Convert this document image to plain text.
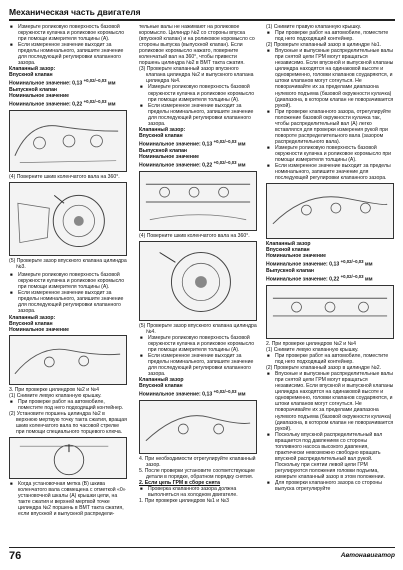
Механическая часть двигателя

■ Измерьте роликовую поверхность базовой окружности кулачка и роликовое коромысло при помощи измерителя толщины (А).

■ Если измеренное значение выходит за пределы номинального, запишите значение для последующей регулировки клапанного зазора.

Клапанный зазор:

Впускной клапан

Номинальное значение: 0,13 $^{+0,02/-0,03}$ мм

Выпускной клапан

Номинальное значение

Номинальное значение: 0,22 $^{+0,02/-0,03}$ мм

(4) Поверните шкив коленчатого вала на 360°.

(5) Проверьте зазор впускного клапана цилиндра №3.

■ Измерьте роликовую поверхность базовой окружности кулачка и роликовое коромысло при помощи измерителя толщины (А).

■ Если измеренное значение выходит за пределы номинального, запишите значение для последующей регулировки клапанного зазора.

Клапанный зазор:

Впускной клапан

Номинальное значение

3. При проверке цилиндров №2 и №4

(1) Снимите левую клапанную крышку.

■ При проверке работ на автомобиле, поместите под него подходящий контейнер.

(2) Установите поршень цилиндра №2 в верхнюю мертвую точку такта сжатия, вращая шкив коленчатого вала по часовой стрелке при помощи специального торцевого ключа.

■ Когда установочная метка (В) шкива коленчатого вала совмещена с отметкой «0» установочной шкалы (А) крышки цепи, на такте сжатия и верхней мертвой точке цилиндра №2 поршень в ВМТ такта сжатия, если впускной и выпускной распредели-

тельные валы не нажимают на роликовое коромысло. Цилиндр №2 со стороны впуска (впускной клапан) и на роликовое коромысло со стороны выпуска (выпускной клапан). Если роликовое коромысло нажато, поверните коленчатый вал на 360°, чтобы привести поршень цилиндра №2 в ВМТ такта сжатия.

(3) Проверьте клапанный зазор впускного клапана цилиндра №2 и выпускного клапана цилиндра №4.

■ Измерьте роликовую поверхность базовой окружности кулачка и роликовое коромысло при помощи измерителя толщины (А).

■ Если измеренное значение выходит за пределы номинального, запишите значение для последующей регулировки клапанного зазора.

Клапанный зазор:

Впускной клапан

Номинальное значение: 0,13 $^{+0,02/-0,03}$ мм

Выпускной клапан

Номинальное значение

Номинальное значение: 0,22 $^{+0,02/-0,03}$ мм

(4) Поверните шкив коленчатого вала на 360°.

(5) Проверьте зазор впускного клапана цилиндра №4.

■ Измерьте роликовую поверхность базовой окружности кулачка и роликовое коромысло при помощи измерителя толщины (А).

■ Если измеренное значение выходит за пределы номинального, запишите значение для последующей регулировки клапанного зазора.

Клапанный зазор

Впускной клапан

Номинальное значение: 0,13 $^{+0,02/-0,03}$ мм

4. При необходимости отрегулируйте клапанный зазор.

5. После проверки установите соответствующие детали в порядке, обратном порядку снятия.

2. Если цепь ГРМ в сборе снята

■ Проверка клапанного зазора должна выполняться на холодном двигателе.

1. При проверке цилиндров №1 и №3

(1) Снимите правую клапанную крышку.

■ При проверке работ на автомобиле, поместите под него подходящий контейнер.

(2) Проверьте клапанный зазор в цилиндре №1.

■ Впускные и выпускные распределительные валы при снятой цепи ГРМ могут вращаться независимо. Если впускной и выпускной клапаны цилиндра находятся на одинаковой высоте и одновременно, головки клапанов соударяются, и штоки клапанов могут согнуться. Не поворачивайте их за пределами диапазона нулевого подъема (базовой окружности кулачка) (диапазона, в котором клапан не поворачивается рукой).

■ При проверке клапанного зазора, отрегулируйте положение базовой окружности кулачка так, чтобы распределительный вал (А) легко вставлялся для проверки измерения рукой при повороте распределительного вала (зазором распределительного вала).

■ Измерьте роликовую поверхность базовой окружности кулачка и роликовое коромысло при помощи измерителя толщины (А).

■ Если измеренное значение выходит за пределы номинального, запишите значение для последующей регулировки клапанного зазора.

Клапанный зазор

Впускной клапан

Номинальное значение

Номинальное значение: 0,13 $^{+0,02/-0,03}$ мм

Выпускной клапан

Номинальное значение: 0,22 $^{+0,02/-0,03}$ мм

2. При проверке цилиндров №2 и №4

(1) Снимите левую клапанную крышку.

■ При проверке работ на автомобиле, поместите под него подходящий контейнер.

(2) Проверьте клапанный зазор в цилиндре №2.

■ Впускные и выпускные распределительные валы при снятой цепи ГРМ могут вращаться независимо. Если впускной и выпускной клапаны цилиндра находятся на одинаковой высоте и одновременно, головки клапанов соударяются, и штоки клапанов могут согнуться. Не поворачивайте их за пределами диапазона нулевого подъема (базовой окружности кулачка) (диапазона, в котором клапан не поворачивается рукой).

■ Поскольку впускной распределительный вал вращается под давлением со стороны топливного насоса высокого давления, практически невозможно свободно вращать впускной распределительный вал рукой. Поскольку при снятии левой цепи ГРМ регулируются положения головки подъема, измерьте клапанный зазор в этом положении.

■ Для проверки клапанного зазора со стороны выпуска отрегулируйте

76	Автонавигатор
